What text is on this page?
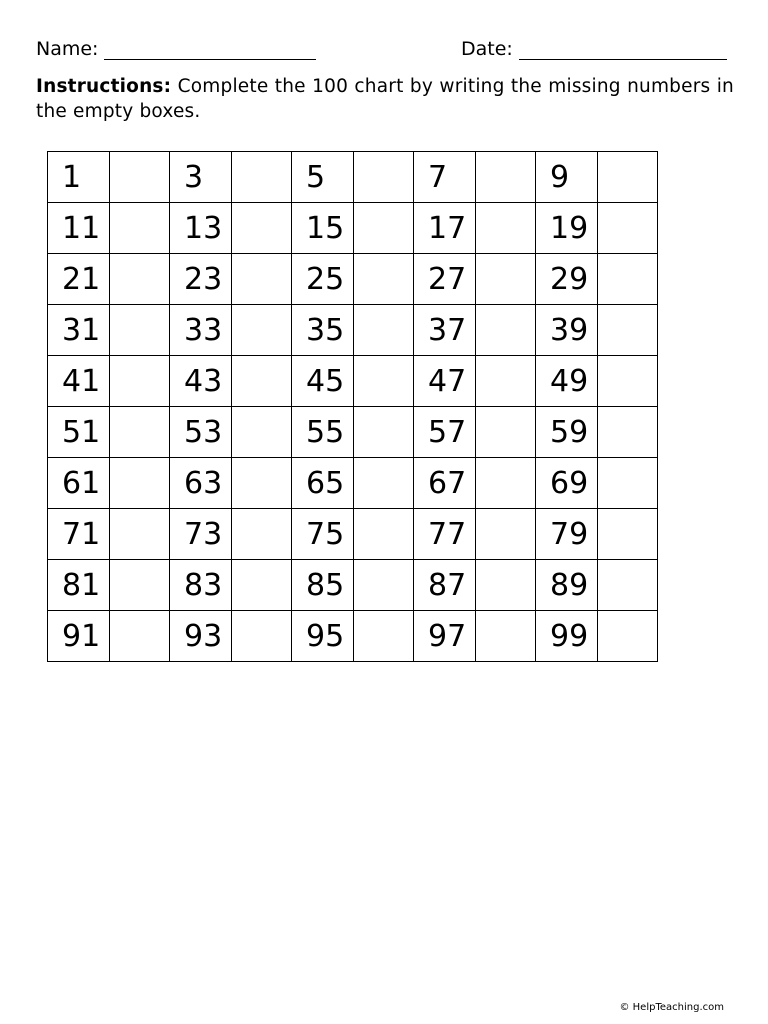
Name:	Date:
Instructions: Complete the 100 chart by writing the missing numbers in the empty boxes.
1		3		5		7		9	
11		13		15		17		19	
21		23		25		27		29	
31		33		35		37		39	
41		43		45		47		49	
51		53		55		57		59	
61		63		65		67		69	
71		73		75		77		79	
81		83		85		87		89	
91		93		95		97		99	
© HelpTeaching.com
